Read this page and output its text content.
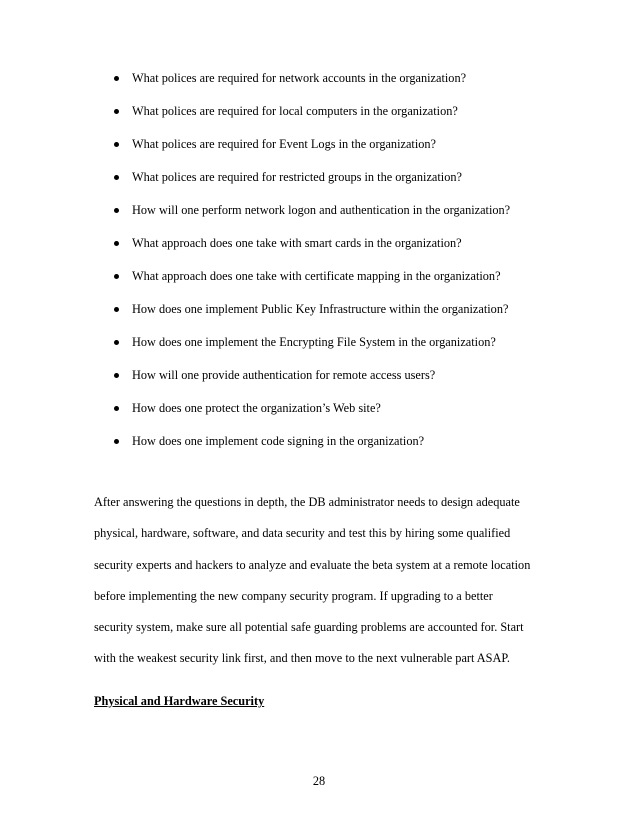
What polices are required for network accounts in the organization?
What polices are required for local computers in the organization?
What polices are required for Event Logs in the organization?
What polices are required for restricted groups in the organization?
How will one perform network logon and authentication in the organization?
What approach does one take with smart cards in the organization?
What approach does one take with certificate mapping in the organization?
How does one implement Public Key Infrastructure within the organization?
How does one implement the Encrypting File System in the organization?
How will one provide authentication for remote access users?
How does one protect the organization’s Web site?
How does one implement code signing in the organization?

After answering the questions in depth, the DB administrator needs to design adequate
physical, hardware, software, and data security and test this by hiring some qualified
security experts and hackers to analyze and evaluate the beta system at a remote location
before implementing the new company security program. If upgrading to a better
security system, make sure all potential safe guarding problems are accounted for. Start
with the weakest security link first, and then move to the next vulnerable part ASAP.

Physical and Hardware Security
28
